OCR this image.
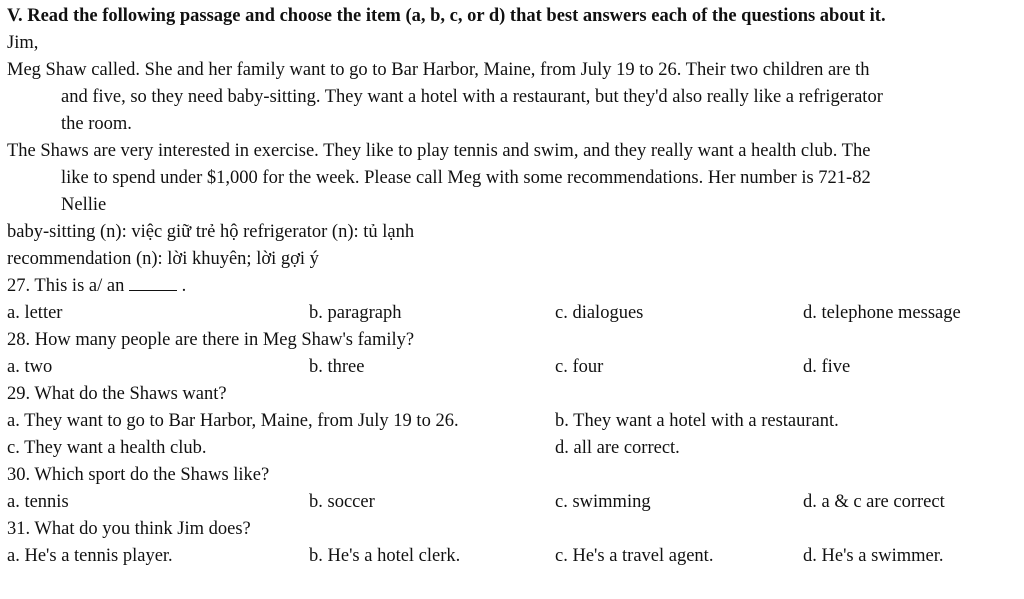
V. Read the following passage and choose the item (a, b, c, or d) that best answers each of the questions about it.
Jim,
Meg Shaw called. She and her family want to go to Bar Harbor, Maine, from July 19 to 26. Their two children are th
and five, so they need baby-sitting. They want a hotel with a restaurant, but they'd also really like a refrigerator
the room.
The Shaws are very interested in exercise. They like to play tennis and swim, and they really want a health club. The
like to spend under $1,000 for the week. Please call Meg with some recommendations. Her number is 721-82
Nellie
baby-sitting (n): việc giữ trẻ hộ refrigerator (n): tủ lạnh
recommendation (n): lời khuyên; lời gợi ý
27. This is a/ an	.
a. letter	b. paragraph	c. dialogues	d. telephone message
28. How many people are there in Meg Shaw's family?
a. two	b. three	c. four	d. five
29. What do the Shaws want?
a. They want to go to Bar Harbor, Maine, from July 19 to 26.	b. They want a hotel with a restaurant.
c. They want a health club.	d. all are correct.
30. Which sport do the Shaws like?
a. tennis	b. soccer	c. swimming	d. a & c are correct
31. What do you think Jim does?
a. He's a tennis player.	b. He's a hotel clerk.	c. He's a travel agent.	d. He's a swimmer.
